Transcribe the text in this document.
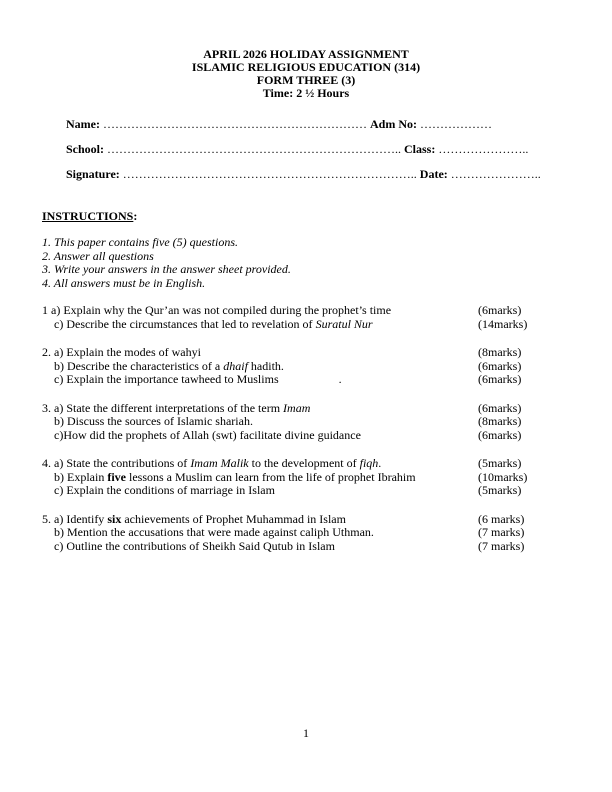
APRIL 2026 HOLIDAY ASSIGNMENT
ISLAMIC RELIGIOUS EDUCATION (314)
FORM THREE (3)
Time: 2 ½ Hours
Name: ………………………………………………………… Adm No: ………………
School: ……………………………………………………………….. Class: …………………..
Signature: ……………………………………………………………….. Date: …………………..
INSTRUCTIONS:
1. This paper contains five (5) questions.
2. Answer all questions
3. Write your answers in the answer sheet provided.
4. All answers must be in English.
1 a) Explain why the Qur’an was not compiled during the prophet’s time	(6marks)
c) Describe the circumstances that led to revelation of Suratul Nur	(14marks)
2. a) Explain the modes of wahyi	(8marks)
b) Describe the characteristics of a dhaif hadith.	(6marks)
c) Explain the importance tawheed to Muslims                    .	(6marks)
3. a) State the different interpretations of the term Imam	(6marks)
b) Discuss the sources of Islamic shariah.	(8marks)
c)How did the prophets of Allah (swt) facilitate divine guidance	(6marks)
4. a) State the contributions of Imam Malik to the development of fiqh.	(5marks)
b) Explain five lessons a Muslim can learn from the life of prophet Ibrahim	(10marks)
c) Explain the conditions of marriage in Islam	(5marks)
5. a) Identify six achievements of Prophet Muhammad in Islam	(6 marks)
b) Mention the accusations that were made against caliph Uthman.	(7 marks)
c) Outline the contributions of Sheikh Said Qutub in Islam	(7 marks)
1
